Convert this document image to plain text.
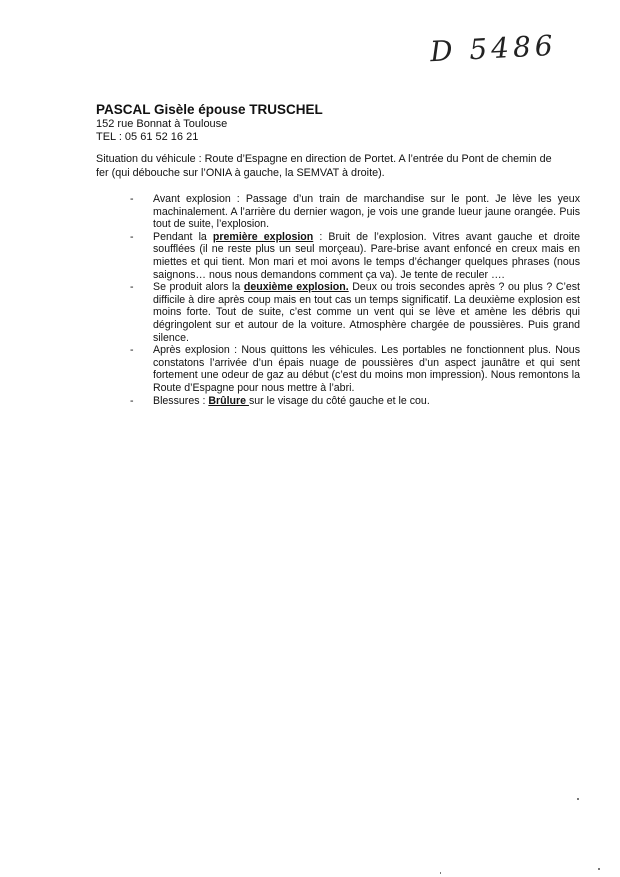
D 5486
PASCAL Gisèle épouse TRUSCHEL
152 rue Bonnat à Toulouse
TEL : 05 61 52 16 21
Situation du véhicule : Route d’Espagne en direction de Portet. A l’entrée du Pont de chemin de fer (qui débouche sur l’ONIA à gauche, la SEMVAT à droite).
- Avant explosion : Passage d’un train de marchandise sur le pont. Je lève les yeux machinalement. A l’arrière du dernier wagon, je vois une grande lueur jaune orangée. Puis tout de suite, l’explosion.
- Pendant la première explosion : Bruit de l’explosion. Vitres avant gauche et droite soufflées (il ne reste plus un seul morçeau). Pare-brise avant enfoncé en creux mais en miettes et qui tient. Mon mari et moi avons le temps d’échanger quelques phrases (nous saignons… nous nous demandons comment ça va). Je tente de reculer ….
- Se produit alors la deuxième explosion. Deux ou trois secondes après ? ou plus ? C’est difficile à dire après coup mais en tout cas un temps significatif. La deuxième explosion est moins forte. Tout de suite, c’est comme un vent qui se lève et amène les débris qui dégringolent sur et autour de la voiture. Atmosphère chargée de poussières. Puis grand silence.
- Après explosion : Nous quittons les véhicules. Les portables ne fonctionnent plus. Nous constatons l’arrivée d’un épais nuage de poussières d’un aspect jaunâtre et qui sent fortement une odeur de gaz au début (c’est du moins mon impression). Nous remontons la Route d’Espagne pour nous mettre à l’abri.
- Blessures : Brûlure sur le visage du côté gauche et le cou.
